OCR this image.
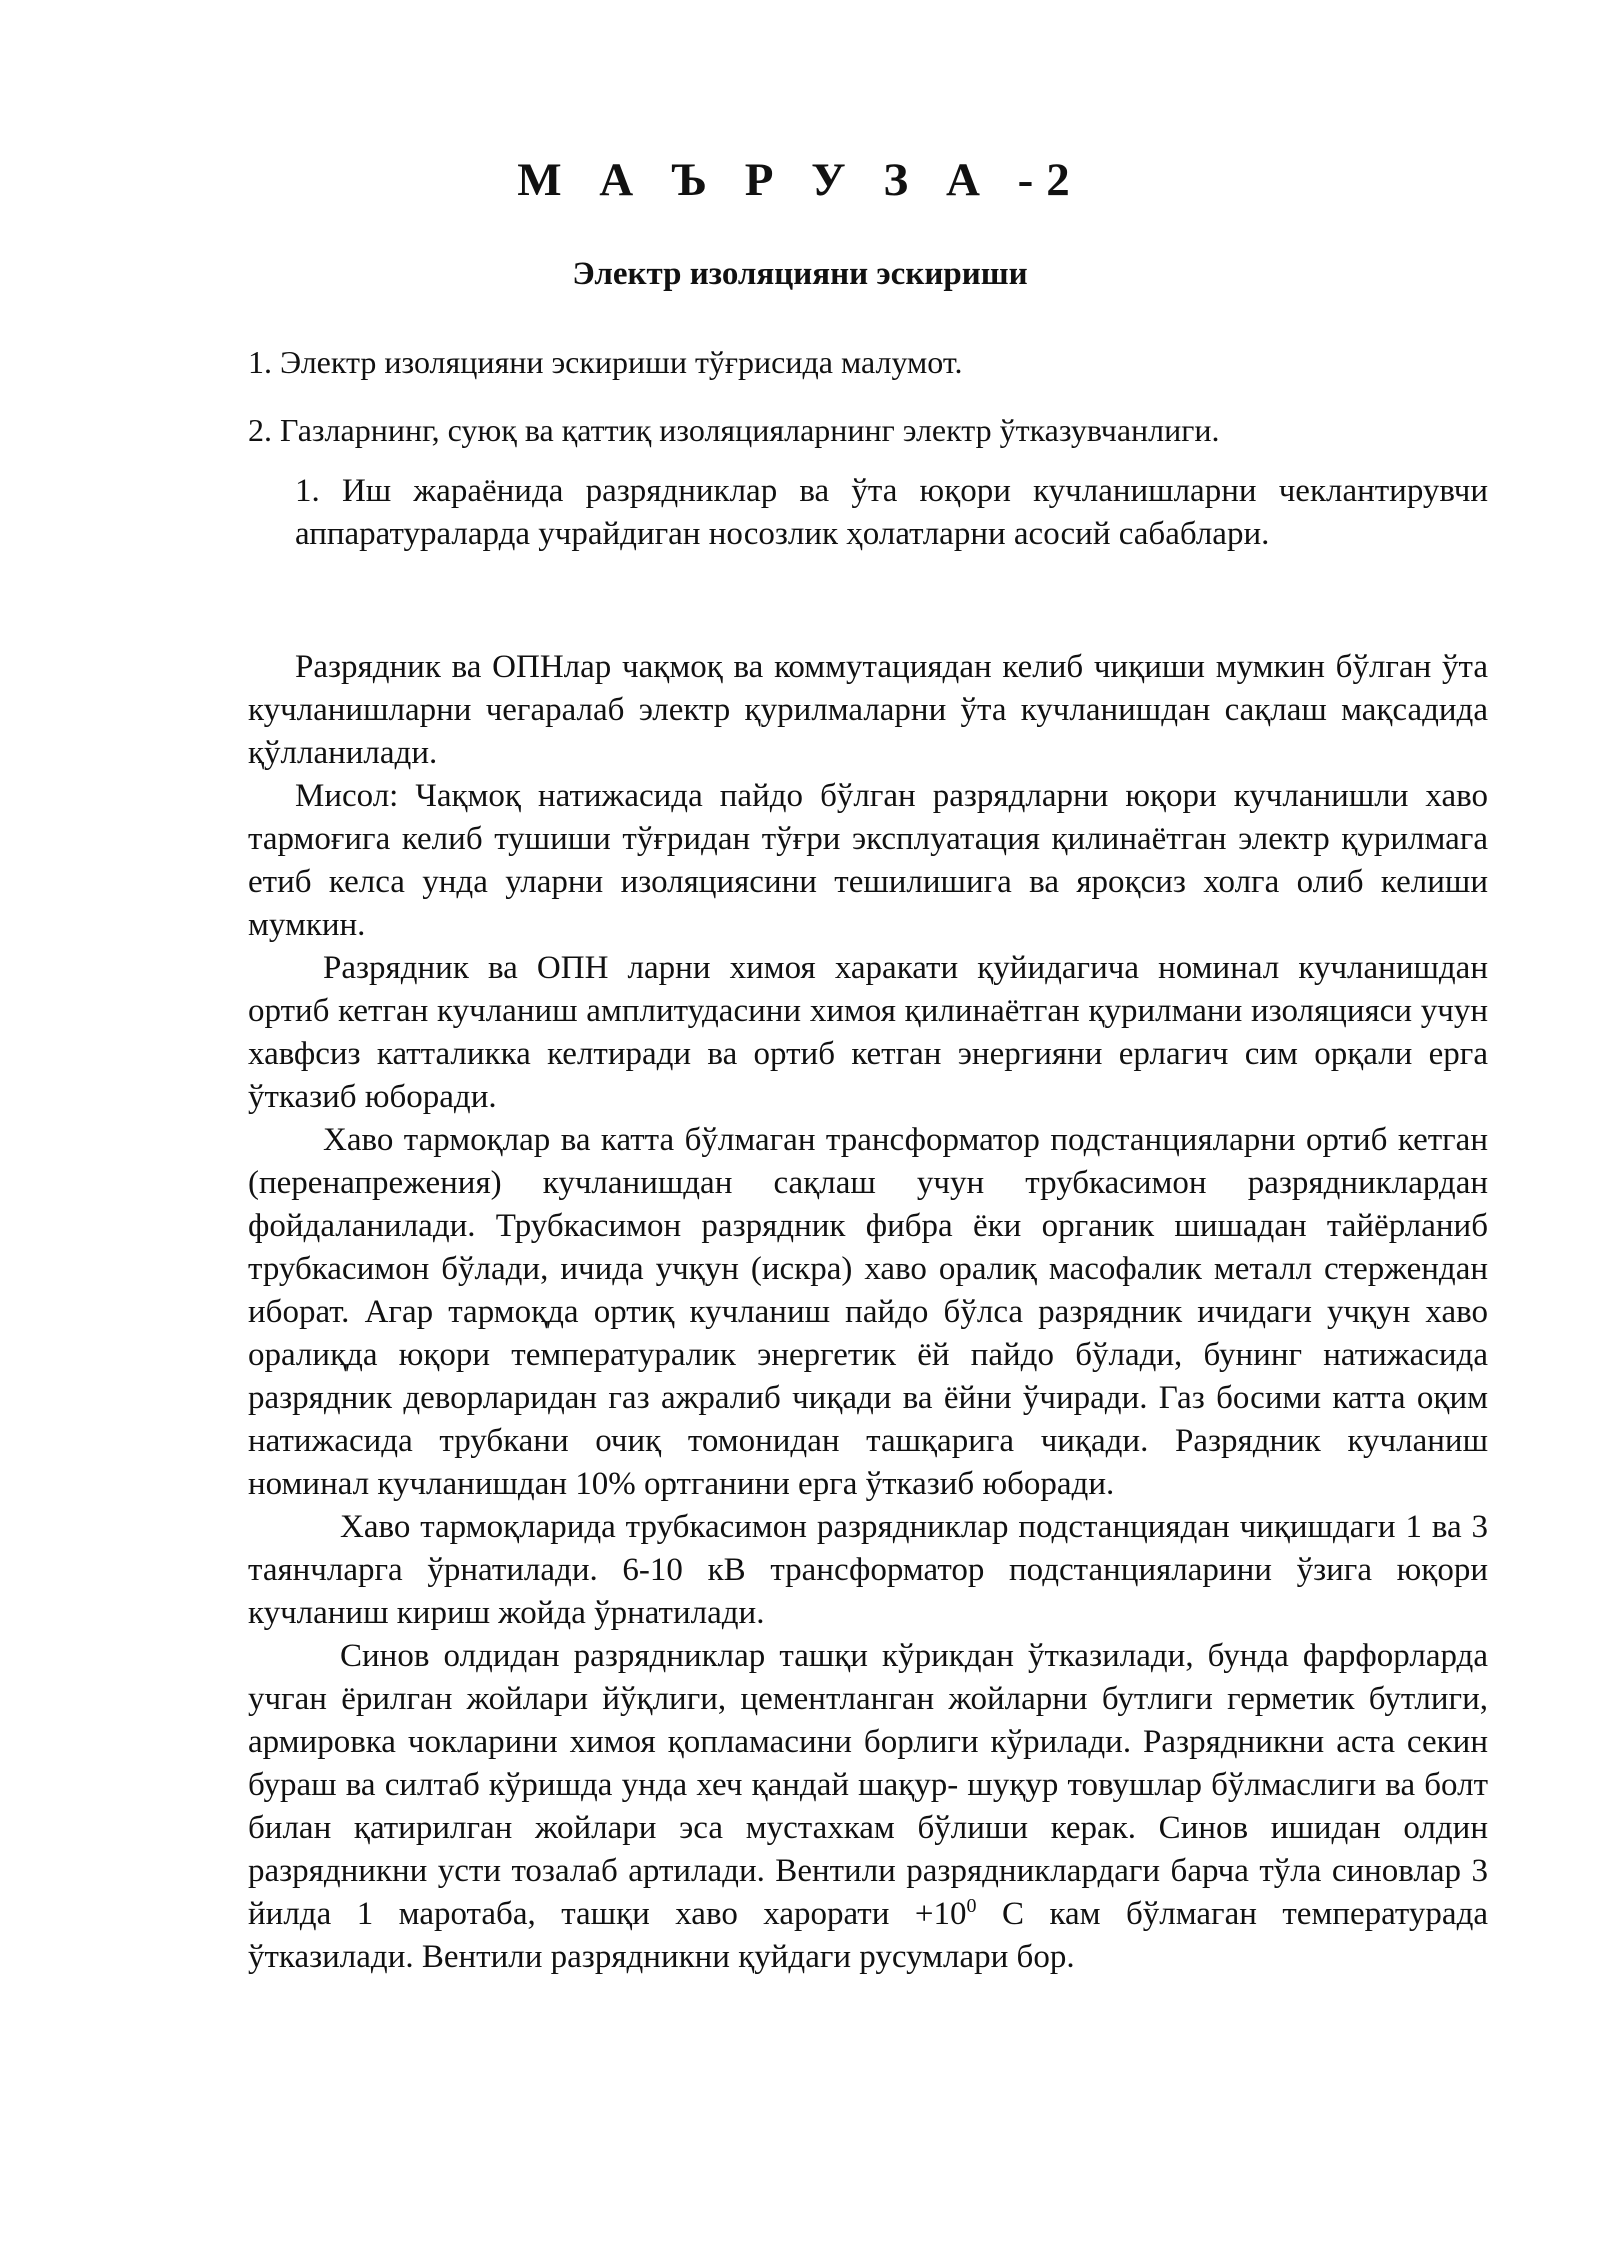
М А Ъ Р У З А -2
Электр изоляцияни эскириши
1. Электр изоляцияни эскириши тўғрисида малумот.
2. Газларнинг, суюқ ва қаттиқ изоляцияларнинг электр ўтказувчанлиги.
1. Иш жараёнида разрядниклар ва ўта юқори кучланишларни чеклантирувчи аппаратураларда учрайдиган носозлик ҳолатларни асосий сабаблари.

Разрядник ва ОПНлар чақмоқ ва коммутациядан келиб чиқиши мумкин бўлган ўта кучланишларни чегаралаб электр қурилмаларни ўта кучланишдан сақлаш мақсадида қўлланилади.

Мисол: Чақмоқ натижасида пайдо бўлган разрядларни юқори кучланишли хаво тармоғига келиб тушиши тўғридан тўғри эксплуатация қилинаётган электр қурилмага етиб келса унда уларни изоляциясини тешилишига ва яроқсиз холга олиб келиши мумкин.

Разрядник ва ОПН ларни химоя харакати қуйидагича номинал кучланишдан ортиб кетган кучланиш амплитудасини химоя қилинаётган қурилмани изоляцияси учун хавфсиз катталикка келтиради ва ортиб кетган энергияни ерлагич сим орқали ерга ўтказиб юборади.

Хаво тармоқлар ва катта бўлмаган трансформатор подстанцияларни ортиб кетган (перенапрежения) кучланишдан сақлаш учун трубкасимон разрядниклардан фойдаланилади. Трубкасимон разрядник фибра ёки органик шишадан тайёрланиб трубкасимон бўлади, ичида учқун (искра) хаво оралиқ масофалик металл стержендан иборат. Агар тармоқда ортиқ кучланиш пайдо бўлса разрядник ичидаги учқун хаво оралиқда юқори температуралик энергетик ёй пайдо бўлади, бунинг натижасида разрядник деворларидан газ ажралиб чиқади ва ёйни ўчиради. Газ босими катта оқим натижасида трубкани очиқ томонидан ташқарига чиқади. Разрядник кучланиш номинал кучланишдан 10% ортганини ерга ўтказиб юборади.

Хаво тармоқларида трубкасимон разрядниклар подстанциядан чиқишдаги 1 ва 3 таянчларга ўрнатилади. 6-10 кВ трансформатор подстанцияларини ўзига юқори кучланиш кириш жойда ўрнатилади.

Синов олдидан разрядниклар ташқи кўрикдан ўтказилади, бунда фарфорларда учган ёрилган жойлари йўқлиги, цементланган жойларни бутлиги герметик бутлиги, армировка чокларини химоя қопламасини борлиги кўрилади. Разрядникни аста секин бураш ва силтаб кўришда унда хеч қандай шақур- шуқур товушлар бўлмаслиги ва болт билан қатирилган жойлари эса мустахкам бўлиши керак. Синов ишидан олдин разрядникни усти тозалаб артилади. Вентили разрядниклардаги барча тўла синовлар 3 йилда 1 маротаба, ташқи хаво харорати $+10^0$ С кам бўлмаган температурада ўтказилади. Вентили разрядникни қуйдаги русумлари бор.
